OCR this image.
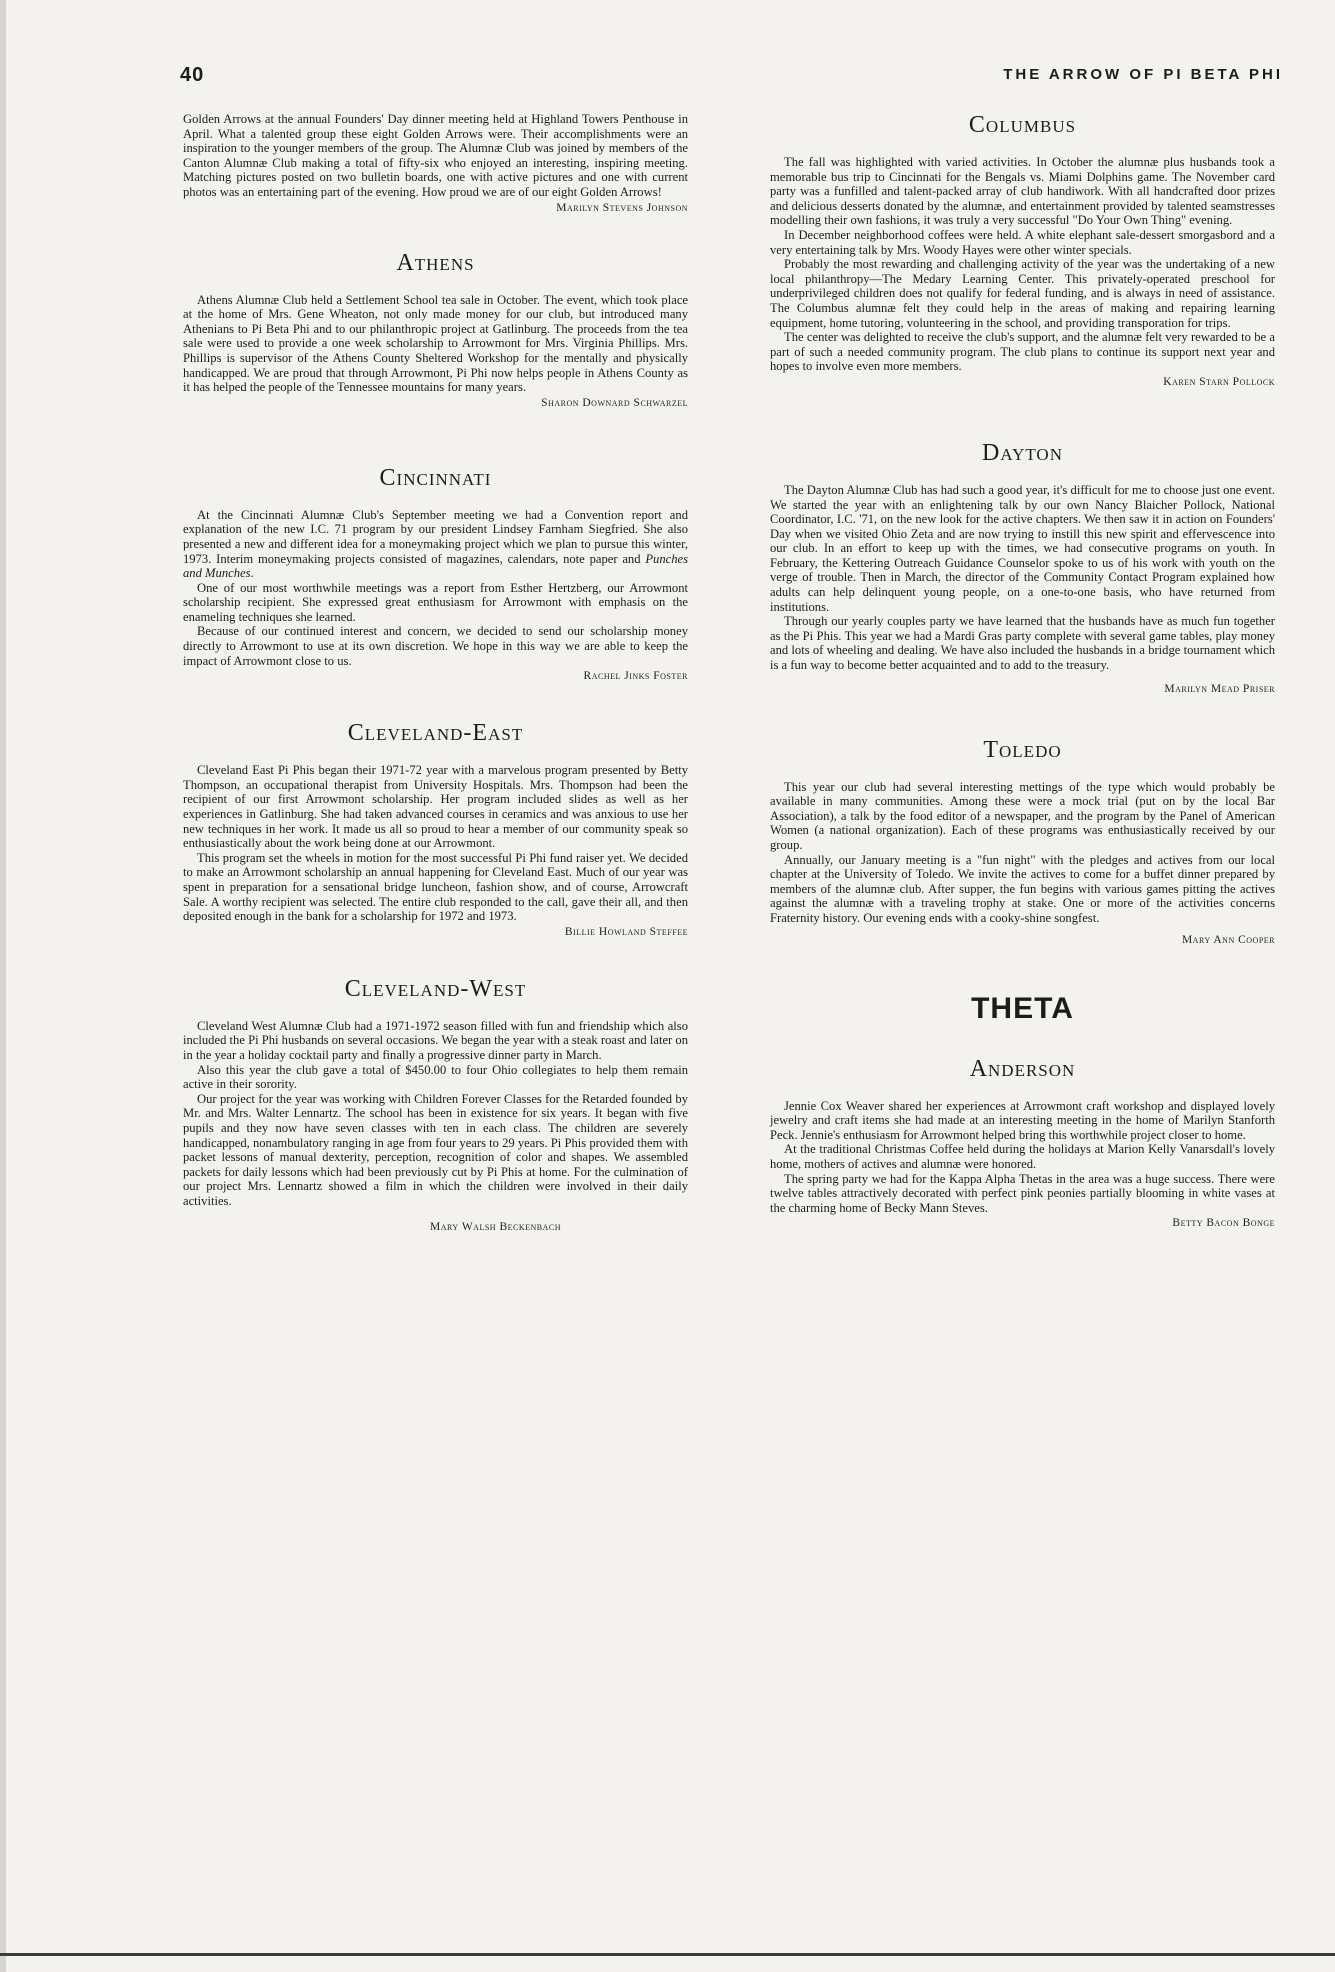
40	THE ARROW OF PI BETA PHI

Golden Arrows at the annual Founders' Day dinner meeting held at Highland Towers Penthouse in April. What a talented group these eight Golden Arrows were. Their accomplishments were an inspiration to the younger members of the group. The Alumnæ Club was joined by members of the Canton Alumnæ Club making a total of fifty-six who enjoyed an interesting, inspiring meeting. Matching pictures posted on two bulletin boards, one with active pictures and one with current photos was an entertaining part of the evening. How proud we are of our eight Golden Arrows!

Marilyn Stevens Johnson

Athens

Athens Alumnæ Club held a Settlement School tea sale in October. The event, which took place at the home of Mrs. Gene Wheaton, not only made money for our club, but introduced many Athenians to Pi Beta Phi and to our philanthropic project at Gatlinburg. The proceeds from the tea sale were used to provide a one week scholarship to Arrowmont for Mrs. Virginia Phillips. Mrs. Phillips is supervisor of the Athens County Sheltered Workshop for the mentally and physically handicapped. We are proud that through Arrowmont, Pi Phi now helps people in Athens County as it has helped the people of the Tennessee mountains for many years.

Sharon Downard Schwarzel

Cincinnati

At the Cincinnati Alumnæ Club's September meeting we had a Convention report and explanation of the new I.C. 71 program by our president Lindsey Farnham Siegfried. She also presented a new and different idea for a moneymaking project which we plan to pursue this winter, 1973. Interim moneymaking projects consisted of magazines, calendars, note paper and Punches and Munches.

One of our most worthwhile meetings was a report from Esther Hertzberg, our Arrowmont scholarship recipient. She expressed great enthusiasm for Arrowmont with emphasis on the enameling techniques she learned.

Because of our continued interest and concern, we decided to send our scholarship money directly to Arrowmont to use at its own discretion. We hope in this way we are able to keep the impact of Arrowmont close to us.

Rachel Jinks Foster

Cleveland-East

Cleveland East Pi Phis began their 1971-72 year with a marvelous program presented by Betty Thompson, an occupational therapist from University Hospitals. Mrs. Thompson had been the recipient of our first Arrowmont scholarship. Her program included slides as well as her experiences in Gatlinburg. She had taken advanced courses in ceramics and was anxious to use her new techniques in her work. It made us all so proud to hear a member of our community speak so enthusiastically about the work being done at our Arrowmont.

This program set the wheels in motion for the most successful Pi Phi fund raiser yet. We decided to make an Arrowmont scholarship an annual happening for Cleveland East. Much of our year was spent in preparation for a sensational bridge luncheon, fashion show, and of course, Arrowcraft Sale. A worthy recipient was selected. The entire club responded to the call, gave their all, and then deposited enough in the bank for a scholarship for 1972 and 1973.

Billie Howland Steffee

Cleveland-West

Cleveland West Alumnæ Club had a 1971-1972 season filled with fun and friendship which also included the Pi Phi husbands on several occasions. We began the year with a steak roast and later on in the year a holiday cocktail party and finally a progressive dinner party in March.

Also this year the club gave a total of $450.00 to four Ohio collegiates to help them remain active in their sorority.

Our project for the year was working with Children Forever Classes for the Retarded founded by Mr. and Mrs. Walter Lennartz. The school has been in existence for six years. It began with five pupils and they now have seven classes with ten in each class. The children are severely handicapped, nonambulatory ranging in age from four years to 29 years. Pi Phis provided them with packet lessons of manual dexterity, perception, recognition of color and shapes. We assembled packets for daily lessons which had been previously cut by Pi Phis at home. For the culmination of our project Mrs. Lennartz showed a film in which the children were involved in their daily activities.

Mary Walsh Beckenbach

Columbus

The fall was highlighted with varied activities. In October the alumnæ plus husbands took a memorable bus trip to Cincinnati for the Bengals vs. Miami Dolphins game. The November card party was a funfilled and talent-packed array of club handiwork. With all handcrafted door prizes and delicious desserts donated by the alumnæ, and entertainment provided by talented seamstresses modelling their own fashions, it was truly a very successful "Do Your Own Thing" evening.

In December neighborhood coffees were held. A white elephant sale-dessert smorgasbord and a very entertaining talk by Mrs. Woody Hayes were other winter specials.

Probably the most rewarding and challenging activity of the year was the undertaking of a new local philanthropy—The Medary Learning Center. This privately-operated preschool for underprivileged children does not qualify for federal funding, and is always in need of assistance. The Columbus alumnæ felt they could help in the areas of making and repairing learning equipment, home tutoring, volunteering in the school, and providing transporation for trips.

The center was delighted to receive the club's support, and the alumnæ felt very rewarded to be a part of such a needed community program. The club plans to continue its support next year and hopes to involve even more members.

Karen Starn Pollock

Dayton

The Dayton Alumnæ Club has had such a good year, it's difficult for me to choose just one event. We started the year with an enlightening talk by our own Nancy Blaicher Pollock, National Coordinator, I.C. '71, on the new look for the active chapters. We then saw it in action on Founders' Day when we visited Ohio Zeta and are now trying to instill this new spirit and effervescence into our club. In an effort to keep up with the times, we had consecutive programs on youth. In February, the Kettering Outreach Guidance Counselor spoke to us of his work with youth on the verge of trouble. Then in March, the director of the Community Contact Program explained how adults can help delinquent young people, on a one-to-one basis, who have returned from institutions.

Through our yearly couples party we have learned that the husbands have as much fun together as the Pi Phis. This year we had a Mardi Gras party complete with several game tables, play money and lots of wheeling and dealing. We have also included the husbands in a bridge tournament which is a fun way to become better acquainted and to add to the treasury.

Marilyn Mead Priser

Toledo

This year our club had several interesting mettings of the type which would probably be available in many communities. Among these were a mock trial (put on by the local Bar Association), a talk by the food editor of a newspaper, and the program by the Panel of American Women (a national organization). Each of these programs was enthusiastically received by our group.

Annually, our January meeting is a "fun night" with the pledges and actives from our local chapter at the University of Toledo. We invite the actives to come for a buffet dinner prepared by members of the alumnæ club. After supper, the fun begins with various games pitting the actives against the alumnæ with a traveling trophy at stake. One or more of the activities concerns Fraternity history. Our evening ends with a cooky-shine songfest.

Mary Ann Cooper

THETA
Anderson

Jennie Cox Weaver shared her experiences at Arrowmont craft workshop and displayed lovely jewelry and craft items she had made at an interesting meeting in the home of Marilyn Stanforth Peck. Jennie's enthusiasm for Arrowmont helped bring this worthwhile project closer to home.

At the traditional Christmas Coffee held during the holidays at Marion Kelly Vanarsdall's lovely home, mothers of actives and alumnæ were honored.

The spring party we had for the Kappa Alpha Thetas in the area was a huge success. There were twelve tables attractively decorated with perfect pink peonies partially blooming in white vases at the charming home of Becky Mann Steves.

Betty Bacon Bonge
